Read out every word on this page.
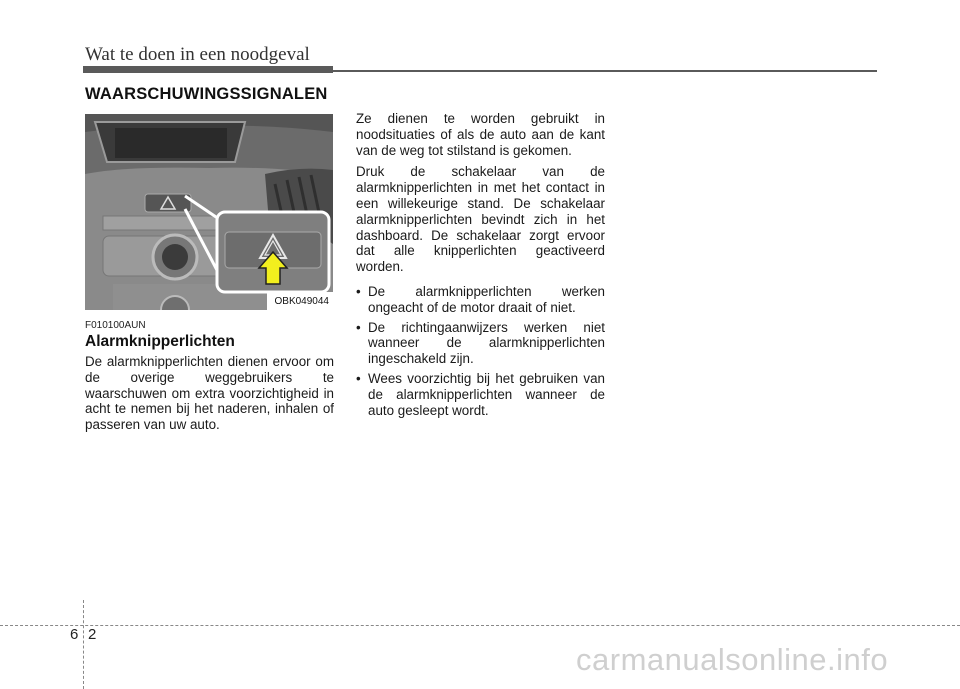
Wat te doen in een noodgeval
WAARSCHUWINGSSIGNALEN
OBK049044
F010100AUN
Alarmknipperlichten
De alarmknipperlichten dienen ervoor om de overige weggebruikers te waarschuwen om extra voorzichtigheid in acht te nemen bij het naderen, inhalen of passeren van uw auto.

Ze dienen te worden gebruikt in noodsituaties of als de auto aan de kant van de weg tot stilstand is gekomen.

Druk de schakelaar van de alarmknipperlichten in met het contact in een willekeurige stand. De schakelaar alarmknipperlichten bevindt zich in het dashboard. De schakelaar zorgt ervoor dat alle knipperlichten geactiveerd worden.

• De alarmknipperlichten werken ongeacht of de motor draait of niet.
• De richtingaanwijzers werken niet wanneer de alarmknipperlichten ingeschakeld zijn.
• Wees voorzichtig bij het gebruiken van de alarmknipperlichten wanneer de auto gesleept wordt.
6 2
carmanualsonline.info
